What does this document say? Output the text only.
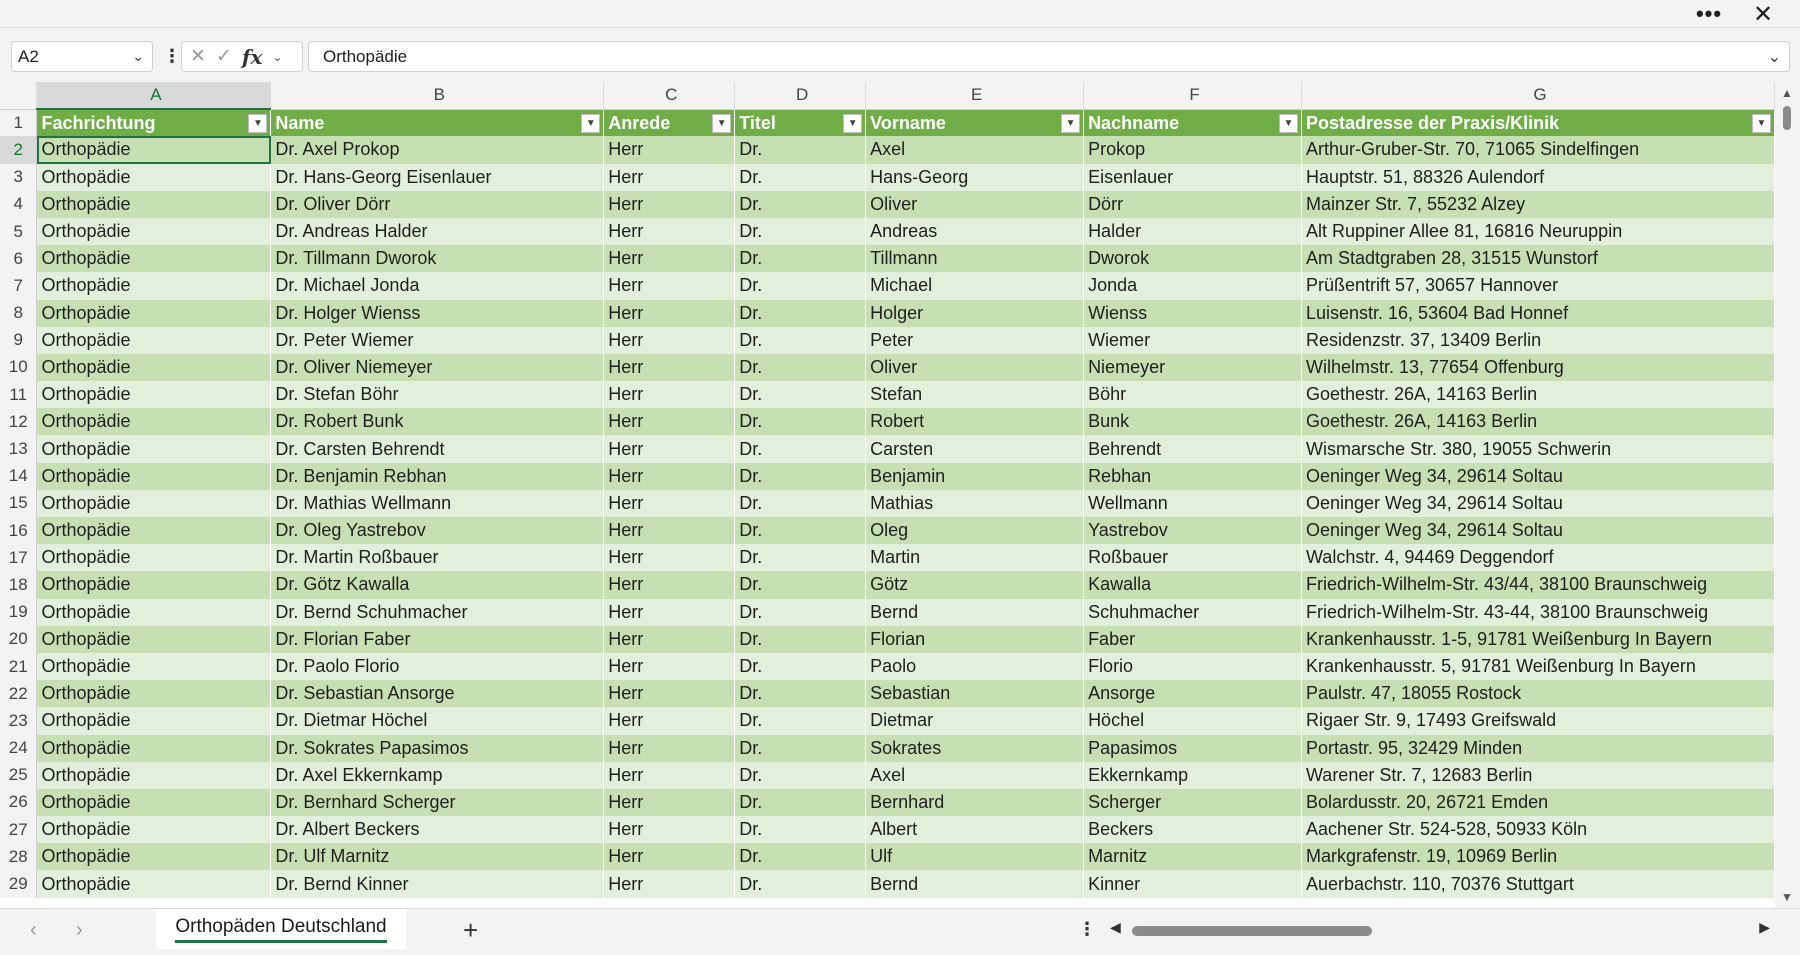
•••	✕
A2	⌄ ⋮ ✕ ✓ fx ⌄ Orthopädie	⌄
	A	B	C	D	E	F	G
1	Fachrichtung ▼	Name ▼	Anrede ▼	Titel ▼	Vorname ▼	Nachname ▼	Postadresse der Praxis/Klinik ▼

2	Orthopädie	Dr. Axel Prokop	Herr	Dr.	Axel	Prokop	Arthur-Gruber-Str. 70, 71065 Sindelfingen
3	Orthopädie	Dr. Hans-Georg Eisenlauer	Herr	Dr.	Hans-Georg	Eisenlauer	Hauptstr. 51, 88326 Aulendorf
4	Orthopädie	Dr. Oliver Dörr	Herr	Dr.	Oliver	Dörr	Mainzer Str. 7, 55232 Alzey
5	Orthopädie	Dr. Andreas Halder	Herr	Dr.	Andreas	Halder	Alt Ruppiner Allee 81, 16816 Neuruppin
6	Orthopädie	Dr. Tillmann Dworok	Herr	Dr.	Tillmann	Dworok	Am Stadtgraben 28, 31515 Wunstorf
7	Orthopädie	Dr. Michael Jonda	Herr	Dr.	Michael	Jonda	Prüßentrift 57, 30657 Hannover
8	Orthopädie	Dr. Holger Wienss	Herr	Dr.	Holger	Wienss	Luisenstr. 16, 53604 Bad Honnef
9	Orthopädie	Dr. Peter Wiemer	Herr	Dr.	Peter	Wiemer	Residenzstr. 37, 13409 Berlin
10	Orthopädie	Dr. Oliver Niemeyer	Herr	Dr.	Oliver	Niemeyer	Wilhelmstr. 13, 77654 Offenburg
11	Orthopädie	Dr. Stefan Böhr	Herr	Dr.	Stefan	Böhr	Goethestr. 26A, 14163 Berlin
12	Orthopädie	Dr. Robert Bunk	Herr	Dr.	Robert	Bunk	Goethestr. 26A, 14163 Berlin
13	Orthopädie	Dr. Carsten Behrendt	Herr	Dr.	Carsten	Behrendt	Wismarsche Str. 380, 19055 Schwerin
14	Orthopädie	Dr. Benjamin Rebhan	Herr	Dr.	Benjamin	Rebhan	Oeninger Weg 34, 29614 Soltau
15	Orthopädie	Dr. Mathias Wellmann	Herr	Dr.	Mathias	Wellmann	Oeninger Weg 34, 29614 Soltau
16	Orthopädie	Dr. Oleg Yastrebov	Herr	Dr.	Oleg	Yastrebov	Oeninger Weg 34, 29614 Soltau
17	Orthopädie	Dr. Martin Roßbauer	Herr	Dr.	Martin	Roßbauer	Walchstr. 4, 94469 Deggendorf
18	Orthopädie	Dr. Götz Kawalla	Herr	Dr.	Götz	Kawalla	Friedrich-Wilhelm-Str. 43/44, 38100 Braunschweig
19	Orthopädie	Dr. Bernd Schuhmacher	Herr	Dr.	Bernd	Schuhmacher	Friedrich-Wilhelm-Str. 43-44, 38100 Braunschweig
20	Orthopädie	Dr. Florian Faber	Herr	Dr.	Florian	Faber	Krankenhausstr. 1-5, 91781 Weißenburg In Bayern
21	Orthopädie	Dr. Paolo Florio	Herr	Dr.	Paolo	Florio	Krankenhausstr. 5, 91781 Weißenburg In Bayern
22	Orthopädie	Dr. Sebastian Ansorge	Herr	Dr.	Sebastian	Ansorge	Paulstr. 47, 18055 Rostock
23	Orthopädie	Dr. Dietmar Höchel	Herr	Dr.	Dietmar	Höchel	Rigaer Str. 9, 17493 Greifswald
24	Orthopädie	Dr. Sokrates Papasimos	Herr	Dr.	Sokrates	Papasimos	Portastr. 95, 32429 Minden
25	Orthopädie	Dr. Axel Ekkernkamp	Herr	Dr.	Axel	Ekkernkamp	Warener Str. 7, 12683 Berlin
26	Orthopädie	Dr. Bernhard Scherger	Herr	Dr.	Bernhard	Scherger	Bolardusstr. 20, 26721 Emden
27	Orthopädie	Dr. Albert Beckers	Herr	Dr.	Albert	Beckers	Aachener Str. 524-528, 50933 Köln
28	Orthopädie	Dr. Ulf Marnitz	Herr	Dr.	Ulf	Marnitz	Markgrafenstr. 19, 10969 Berlin
29	Orthopädie	Dr. Bernd Kinner	Herr	Dr.	Bernd	Kinner	Auerbachstr. 110, 70376 Stuttgart
▲
▼
‹ ›	Orthopäden Deutschland	+	⋮ ◀	▶
